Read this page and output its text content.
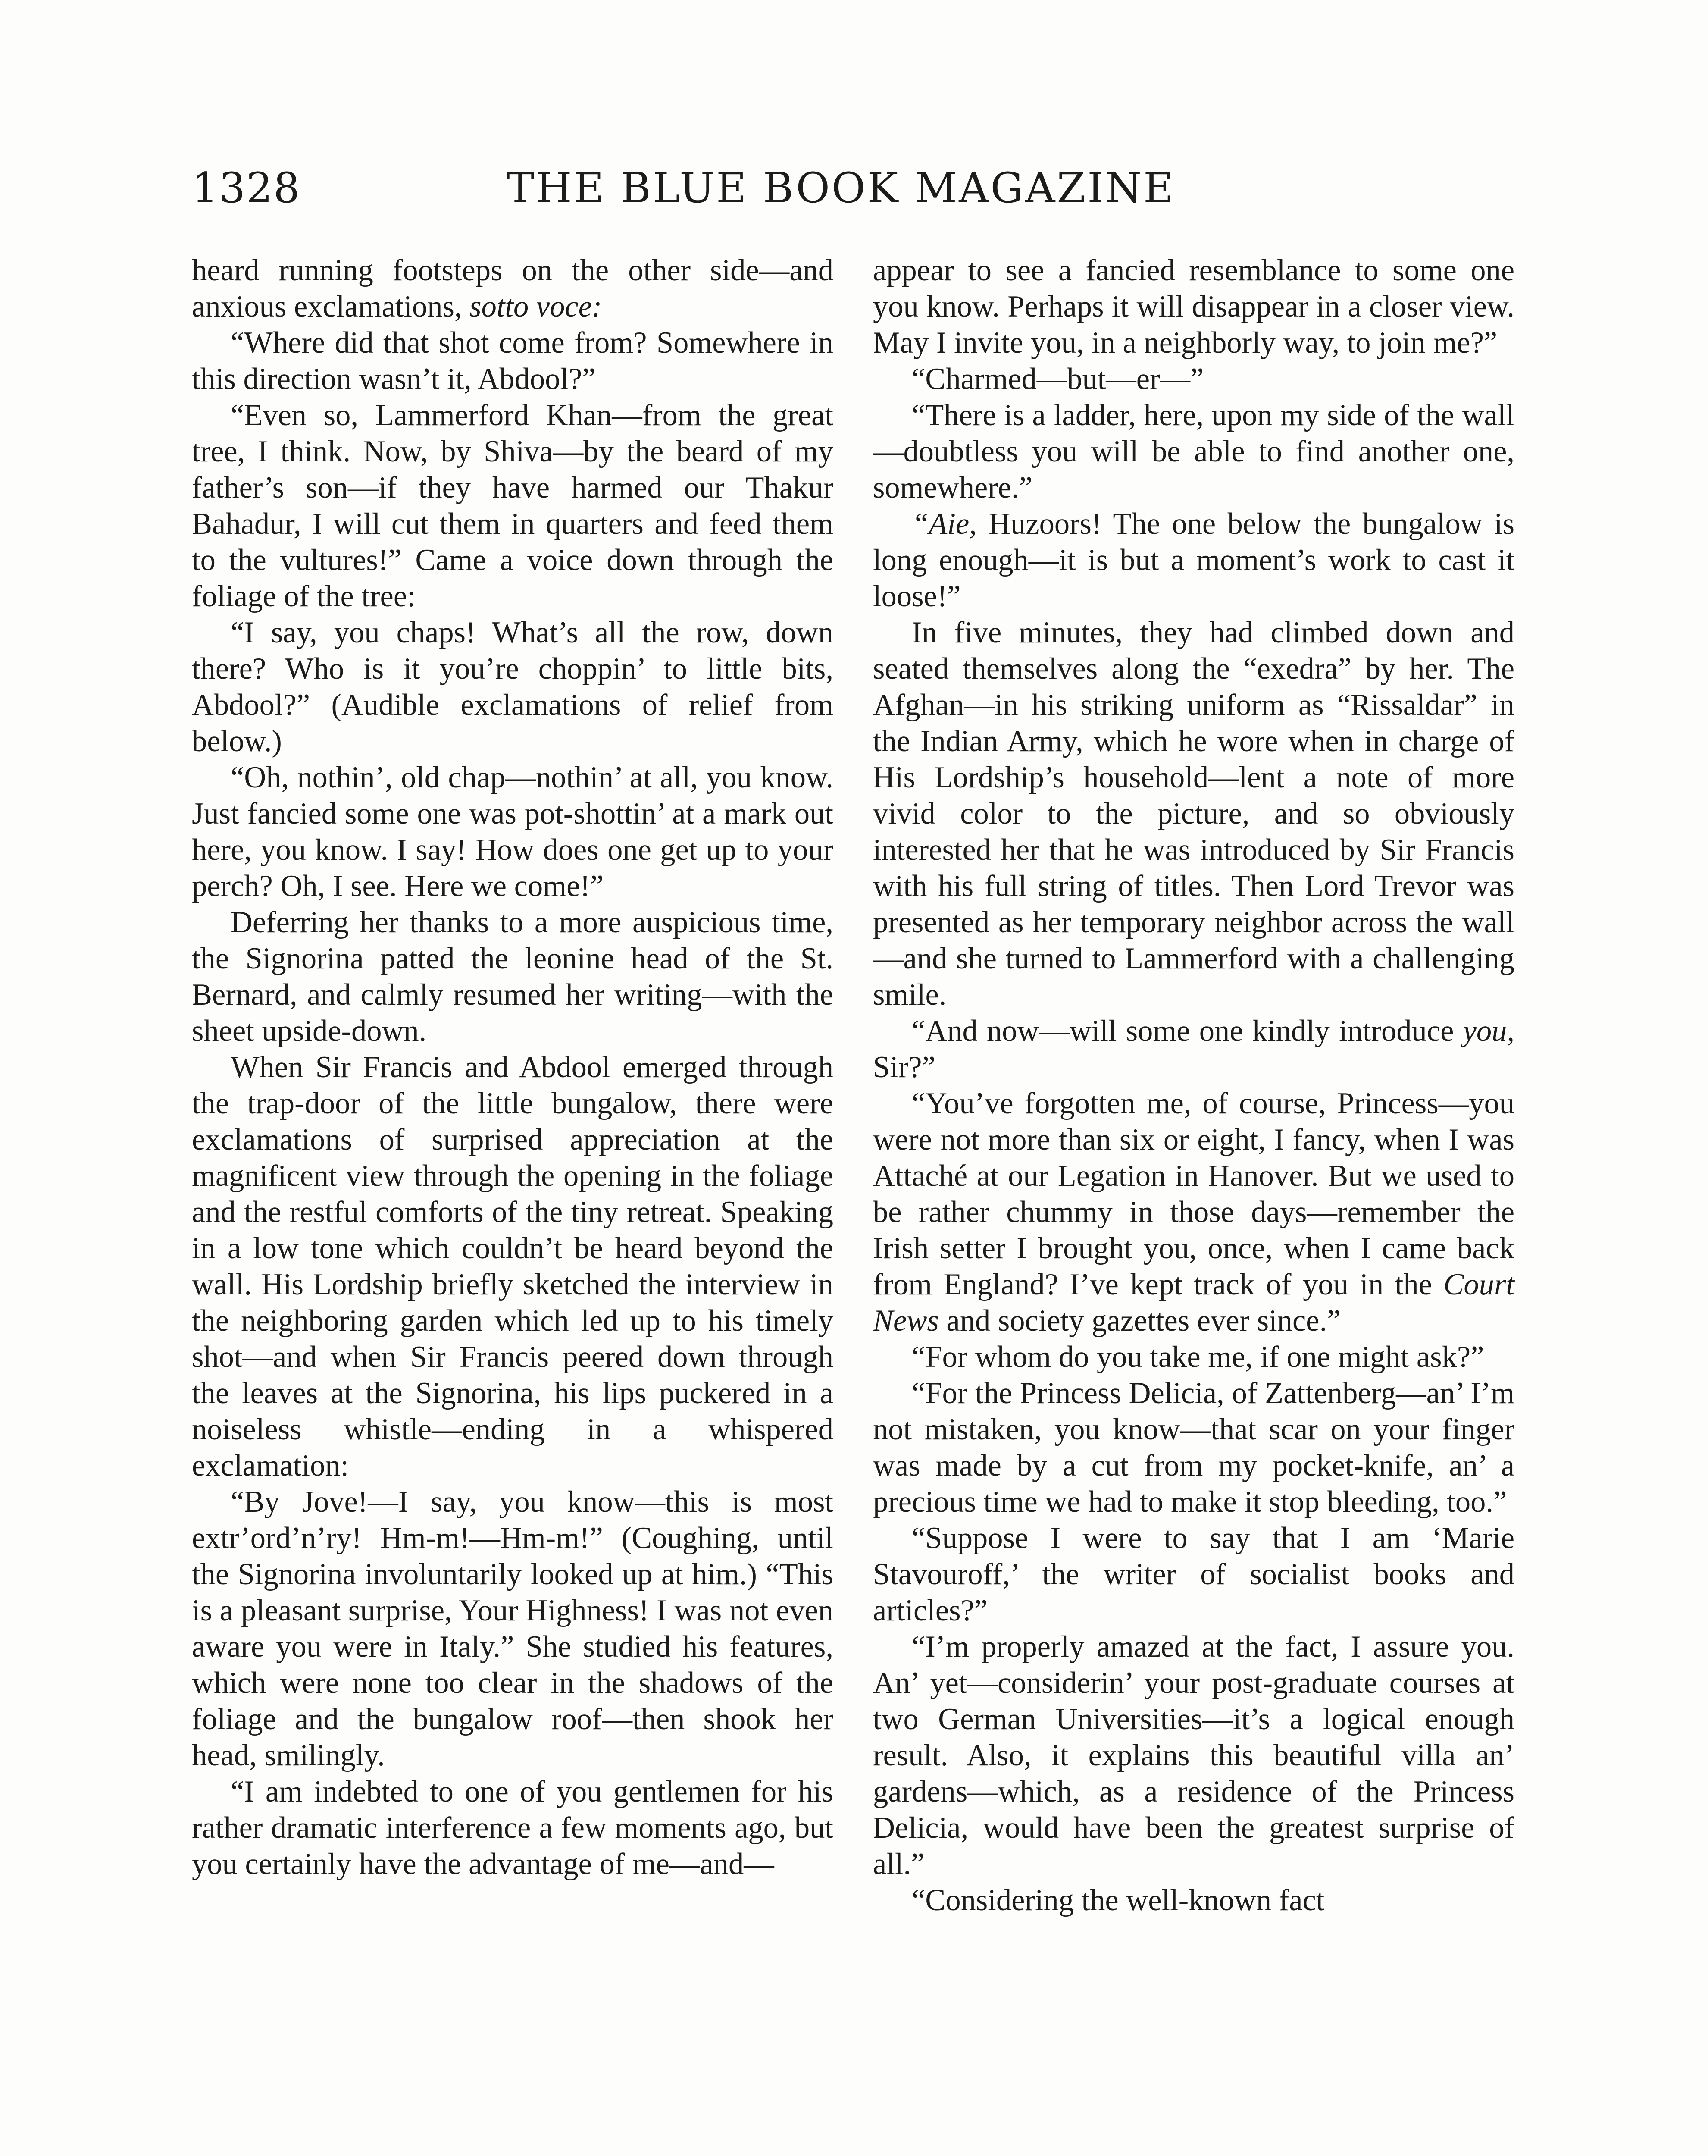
1328	THE BLUE BOOK MAGAZINE

heard running footsteps on the other side—and anxious exclamations, sotto voce:

“Where did that shot come from? Somewhere in this direction wasn’t it, Abdool?”

“Even so, Lammerford Khan—from the great tree, I think. Now, by Shiva—by the beard of my father’s son—if they have harmed our Thakur Bahadur, I will cut them in quarters and feed them to the vultures!” Came a voice down through the foliage of the tree:

“I say, you chaps! What’s all the row, down there? Who is it you’re choppin’ to little bits, Abdool?” (Audible exclamations of relief from below.)

“Oh, nothin’, old chap—nothin’ at all, you know. Just fancied some one was pot-shottin’ at a mark out here, you know. I say! How does one get up to your perch? Oh, I see. Here we come!”

Deferring her thanks to a more auspicious time, the Signorina patted the leonine head of the St. Bernard, and calmly resumed her writing—with the sheet upside-down.

When Sir Francis and Abdool emerged through the trap-door of the little bungalow, there were exclamations of surprised appreciation at the magnificent view through the opening in the foliage and the restful comforts of the tiny retreat. Speaking in a low tone which couldn’t be heard beyond the wall. His Lordship briefly sketched the interview in the neighboring garden which led up to his timely shot—and when Sir Francis peered down through the leaves at the Signorina, his lips puckered in a noiseless whistle—ending in a whispered exclamation:

“By Jove!—I say, you know—this is most extr’ord’n’ry! Hm-m!—Hm-m!” (Coughing, until the Signorina involuntarily looked up at him.) “This is a pleasant surprise, Your Highness! I was not even aware you were in Italy.” She studied his features, which were none too clear in the shadows of the foliage and the bungalow roof—then shook her head, smilingly.

“I am indebted to one of you gentlemen for his rather dramatic interference a few moments ago, but you certainly have the advantage of me—and—

appear to see a fancied resemblance to some one you know. Perhaps it will disappear in a closer view. May I invite you, in a neighborly way, to join me?”

“Charmed—but—er—”

“There is a ladder, here, upon my side of the wall—doubtless you will be able to find another one, somewhere.”

“Aie, Huzoors! The one below the bungalow is long enough—it is but a moment’s work to cast it loose!”

In five minutes, they had climbed down and seated themselves along the “exedra” by her. The Afghan—in his striking uniform as “Rissaldar” in the Indian Army, which he wore when in charge of His Lordship’s household—lent a note of more vivid color to the picture, and so obviously interested her that he was introduced by Sir Francis with his full string of titles. Then Lord Trevor was presented as her temporary neighbor across the wall—and she turned to Lammerford with a challenging smile.

“And now—will some one kindly introduce you, Sir?”

“You’ve forgotten me, of course, Princess—you were not more than six or eight, I fancy, when I was Attaché at our Legation in Hanover. But we used to be rather chummy in those days—remember the Irish setter I brought you, once, when I came back from England? I’ve kept track of you in the Court News and society gazettes ever since.”

“For whom do you take me, if one might ask?”

“For the Princess Delicia, of Zattenberg—an’ I’m not mistaken, you know—that scar on your finger was made by a cut from my pocket-knife, an’ a precious time we had to make it stop bleeding, too.”

“Suppose I were to say that I am ‘Marie Stavouroff,’ the writer of socialist books and articles?”

“I’m properly amazed at the fact, I assure you. An’ yet—considerin’ your post-graduate courses at two German Universities—it’s a logical enough result. Also, it explains this beautiful villa an’ gardens—which, as a residence of the Princess Delicia, would have been the greatest surprise of all.”

“Considering the well-known fact
